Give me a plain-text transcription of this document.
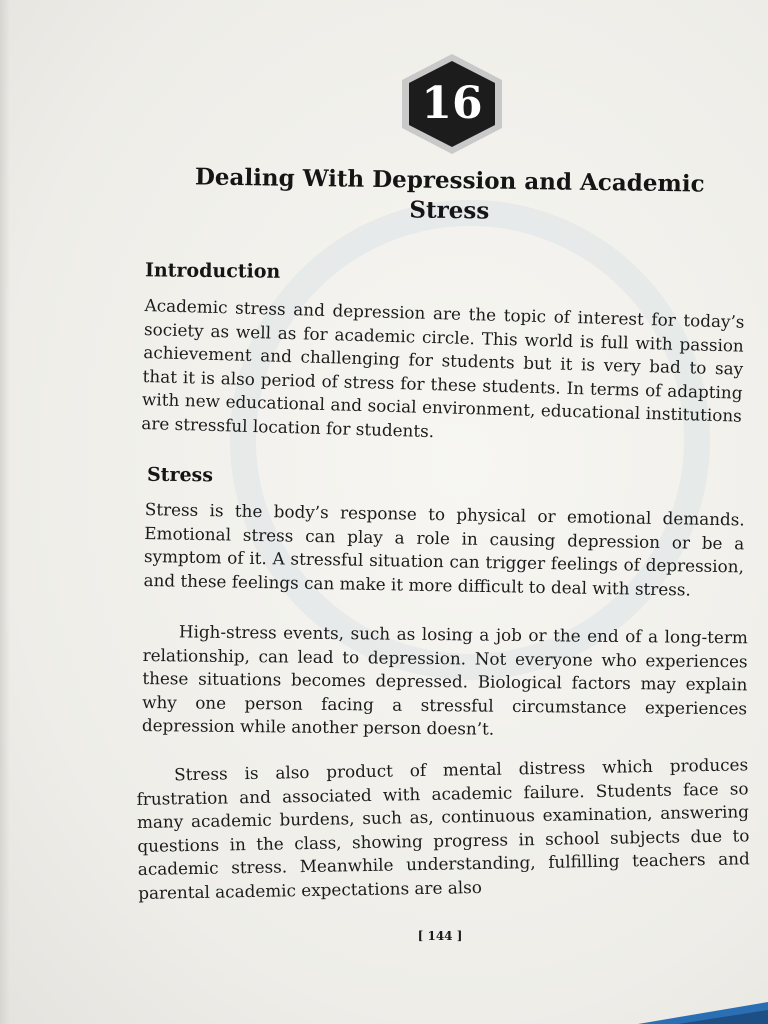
16
Dealing With Depression and Academic Stress
Introduction

Academic stress and depression are the topic of interest for today’s society as well as for academic circle. This world is full with passion achievement and challenging for students but it is very bad to say that it is also period of stress for these students. In terms of adapting with new educational and social environment, educational institutions are stressful location for students.

Stress

Stress is the body’s response to physical or emotional demands. Emotional stress can play a role in causing depression or be a symptom of it. A stressful situation can trigger feelings of depression, and these feelings can make it more difficult to deal with stress.

High-stress events, such as losing a job or the end of a long-term relationship, can lead to depression. Not everyone who experiences these situations becomes depressed. Biological factors may explain why one person facing a stressful circumstance experiences depression while another person doesn’t.

Stress is also product of mental distress which produces frustration and associated with academic failure. Students face so many academic burdens, such as, continuous examination, answering questions in the class, showing progress in school subjects due to academic stress. Meanwhile understanding, fulfilling teachers and parental academic expectations are also

[ 144 ]
